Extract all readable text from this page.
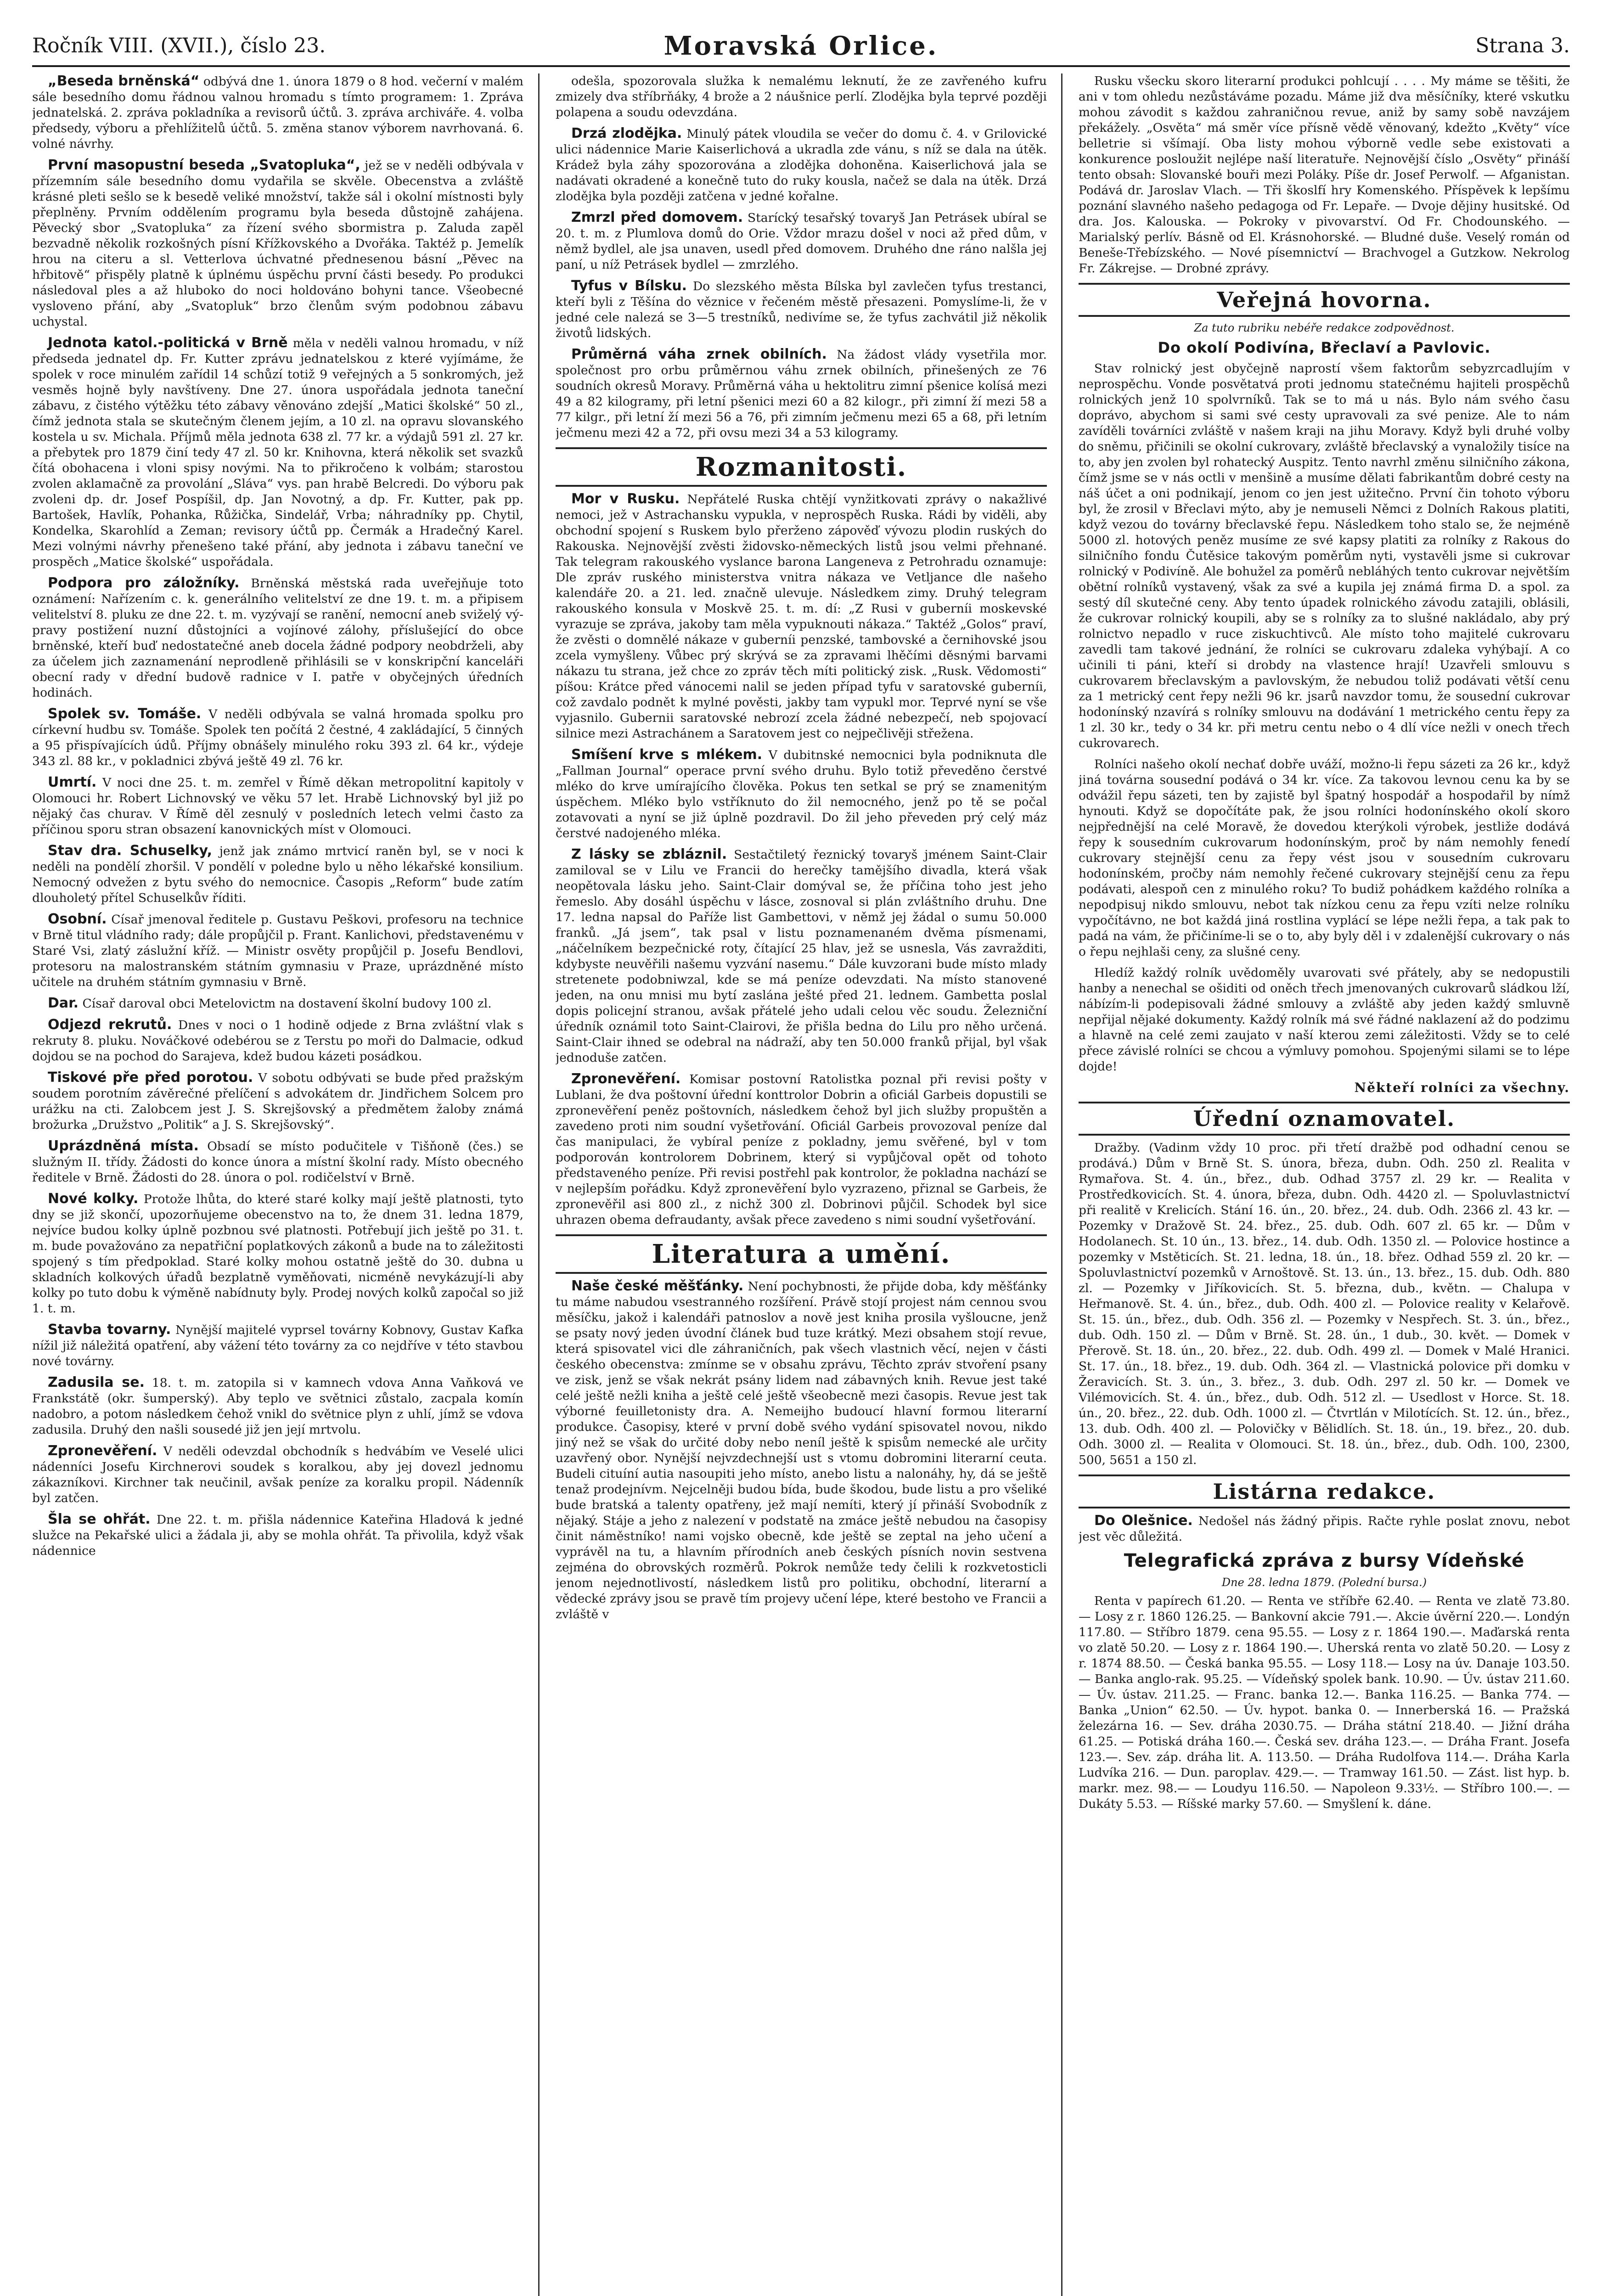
Ročník VIII. (XVII.), číslo 23.	Moravská Orlice.	Strana 3.

„Beseda brněnská“ odbývá dne 1. února 1879 o 8 hod. večerní v malém sále besedního domu řádnou valnou hromadu s tímto programem: 1. Zpráva jednatelská. 2. zpráva pokladníka a revisorů účtů. 3. zpráva archiváře. 4. volba předsedy, výboru a přehlížitelů účtů. 5. změna stanov výborem navrhovaná. 6. volné návrhy.

První masopustní beseda „Svatopluka“, jež se v neděli odbývala v přízemním sále besedního domu vydařila se skvěle. Obecenstva a zvláště krásné pleti sešlo se k besedě veliké množství, takže sál i okolní místnosti byly přeplněny. Prvním oddělením programu byla beseda důstojně zahájena. Pěvecký sbor „Svatopluka“ za řízení svého sbormistra p. Zaluda zapěl bezvadně několik rozkošných písní Křížkovského a Dvořáka. Taktéž p. Jemelík hrou na citeru a sl. Vetterlova úchvatné přednesenou básní „Pěvec na hřbitově“ přispěly platně k úplnému úspěchu první části besedy. Po produkci následoval ples a až hluboko do noci holdováno bohyni tance. Všeobecné vysloveno přání, aby „Svatopluk“ brzo členům svým podobnou zábavu uchystal.

Jednota katol.-politická v Brně měla v neděli valnou hromadu, v níž předseda jednatel dp. Fr. Kutter zprávu jednatelskou z které vyjímáme, že spolek v roce minulém zařídil 14 schůzí totiž 9 veřejných a 5 sonkromých, jež vesměs hojně byly navštíveny. Dne 27. února uspořádala jednota taneční zábavu, z čistého výtěžku této zábavy věnováno zdejší „Matici školské“ 50 zl., čímž jednota stala se skutečným členem jejím, a 10 zl. na opravu slovanského kostela u sv. Michala. Příjmů měla jednota 638 zl. 77 kr. a výdajů 591 zl. 27 kr. a přebytek pro 1879 činí tedy 47 zl. 50 kr. Knihovna, která několik set svazků čítá obohacena i vloni spisy novými. Na to přikročeno k volbám; starostou zvolen aklamačně za provolání „Sláva“ vys. pan hrabě Belcredi. Do výboru pak zvoleni dp. dr. Josef Pospíšil, dp. Jan Novotný, a dp. Fr. Kutter, pak pp. Bartošek, Havlík, Pohanka, Růžička, Sindelář, Vrba; náhradníky pp. Chytil, Kondelka, Skarohlíd a Zeman; revisory účtů pp. Čermák a Hradečný Karel. Mezi volnými návrhy přenešeno také přání, aby jednota i zábavu taneční ve prospěch „Matice školské“ uspořádala.

Podpora pro záložníky. Brněnská městská rada uveřejňuje toto oznámení: Nařízením c. k. generálního velitelství ze dne 19. t. m. a připisem velitelství 8. pluku ze dne 22. t. m. vyzývají se ranění, nemocní aneb sviželý vý-pravy postižení nuzní důstojníci a vojínové zálohy, příslušející do obce brněnské, kteří buď nedostatečné aneb docela žádné podpory neobdrželi, aby za účelem jich zaznamenání neprodleně přihlásili se v konskripční kanceláři obecní rady v dřední budově radnice v I. patře v obyčejných úředních hodinách.

Spolek sv. Tomáše. V neděli odbývala se valná hromada spolku pro církevní hudbu sv. Tomáše. Spolek ten počítá 2 čestné, 4 zakládající, 5 činných a 95 přispívajících údů. Příjmy obnášely minulého roku 393 zl. 64 kr., výdeje 343 zl. 88 kr., v pokladnici zbývá ještě 49 zl. 76 kr.

Umrtí. V noci dne 25. t. m. zemřel v Římě děkan metropolitní kapitoly v Olomouci hr. Robert Lichnovský ve věku 57 let. Hrabě Lichnovský byl již po nějaký čas churav. V Římě děl zesnulý v posledních letech velmi často za příčinou sporu stran obsazení kanovnických míst v Olomouci.

Stav dra. Schuselky, jenž jak známo mrtvicí raněn byl, se v noci k neděli na pondělí zhoršil. V pondělí v poledne bylo u něho lékařské konsilium. Nemocný odvežen z bytu svého do nemocnice. Časopis „Reform“ bude zatím dlouholetý přítel Schuselkův říditi.

Osobní. Císař jmenoval ředitele p. Gustavu Peškovi, profesoru na technice v Brně titul vládního rady; dále propůjčil p. Frant. Kanlichovi, představenému v Staré Vsi, zlatý záslužní kříž. — Ministr osvěty propůjčil p. Josefu Bendlovi, protesoru na malostranském státním gymnasiu v Praze, uprázdněné místo učitele na druhém státním gymnasiu v Brně.

Dar. Císař daroval obci Metelovictm na dostavení školní budovy 100 zl.

Odjezd rekrutů. Dnes v noci o 1 hodině odjede z Brna zvláštní vlak s rekruty 8. pluku. Nováčkové odebérou se z Terstu po moři do Dalmacie, odkud dojdou se na pochod do Sarajeva, kdež budou kázeti posádkou.

Tiskové pře před porotou. V sobotu odbývati se bude před pražským soudem porotním závěrečné přelíčení s advokátem dr. Jindřichem Solcem pro urážku na cti. Zalobcem jest J. S. Skrejšovský a předmětem žaloby známá brožurka „Družstvo „Politik“ a J. S. Skrejšovský“.

Uprázdněná místa. Obsadí se místo podučitele v Tišňoně (čes.) se služným II. třídy. Žádosti do konce února a místní školní rady. Místo obecného ředitele v Brně. Žádosti do 28. února o pol. rodičelství v Brně.

Nové kolky. Protože lhůta, do které staré kolky mají ještě platnosti, tyto dny se již skončí, upozorňujeme obecenstvo na to, že dnem 31. ledna 1879, nejvíce budou kolky úplně pozbnou své platnosti. Potřebují jich ještě po 31. t. m. bude považováno za nepatřiční poplatkových zákonů a bude na to záležitosti spojený s tím předpoklad. Staré kolky mohou ostatně ještě do 30. dubna u skladních kolkových úřadů bezplatně vyměňovati, nicméně nevykázují-li aby kolky po tuto dobu k výměně nabídnuty byly. Prodej nových kolků započal so již 1. t. m.

Stavba tovarny. Nynější majitelé vyprsel továrny Kobnovy, Gustav Kafka nížil již náležitá opatření, aby vážení této továrny za co nejdříve v této stavbou nové továrny.

Zadusila se. 18. t. m. zatopila si v kamnech vdova Anna Vaňková ve Frankstátě (okr. šumperský). Aby teplo ve světnici zůstalo, zacpala komín nadobro, a potom následkem čehož vnikl do světnice plyn z uhlí, jímž se vdova zadusila. Druhý den našli sousedé již jen její mrtvolu.

Zpronevěření. V neděli odevzdal obchodník s hedvábím ve Veselé ulici nádenníci Josefu Kirchnerovi soudek s koralkou, aby jej dovezl jednomu zákazníkovi. Kirchner tak neučinil, avšak peníze za koralku propil. Nádenník byl zatčen.

Šla se ohřát. Dne 22. t. m. přišla nádennice Kateřina Hladová k jedné služce na Pekařské ulici a žádala ji, aby se mohla ohřát. Ta přivolila, když však nádennice

odešla, spozorovala služka k nemalému leknutí, že ze zavřeného kufru zmizely dva stříbrňáky, 4 brože a 2 náušnice perlí. Zlodějka byla teprvé později polapena a soudu odevzdána.

Drzá zlodějka. Minulý pátek vloudila se večer do domu č. 4. v Grilovické ulici nádennice Marie Kaiserlichová a ukradla zde vánu, s níž se dala na útěk. Krádež byla záhy spozorována a zlodějka dohoněna. Kaiserlichová jala se nadávati okradené a konečně tuto do ruky kousla, načež se dala na útěk. Drzá zlodějka byla později zatčena v jedné kořalne.

Zmrzl před domovem. Starícký tesařský tovaryš Jan Petrásek ubíral se 20. t. m. z Plumlova domů do Orie. Vždor mrazu došel v noci až před dům, v němž bydlel, ale jsa unaven, usedl před domovem. Druhého dne ráno nalšla jej paní, u níž Petrásek bydlel — zmrzlého.

Tyfus v Bílsku. Do slezského města Bílska byl zavlečen tyfus trestanci, kteří byli z Těšína do věznice v řečeném městě přesazeni. Pomyslíme-li, že v jedné cele nalezá se 3—5 trestníků, nedivíme se, že tyfus zachvátil již několik životů lidských.

Průměrná váha zrnek obilních. Na žádost vlády vysetřila mor. společnost pro orbu průměrnou váhu zrnek obilních, přinešených ze 76 soudních okresů Moravy. Průměrná váha u hektolitru zimní pšenice kolísá mezi 49 a 82 kilogramy, při letní pšenici mezi 60 a 82 kilogr., při zimní ží mezi 58 a 77 kilgr., při letní ží mezi 56 a 76, při zimním ječmenu mezi 65 a 68, při letním ječmenu mezi 42 a 72, při ovsu mezi 34 a 53 kilogramy.

Rozmanitosti.

Mor v Rusku. Nepřátelé Ruska chtějí vynžitkovati zprávy o nakažlivé nemoci, jež v Astrachansku vypukla, v neprospěch Ruska. Rádi by viděli, aby obchodní spojení s Ruskem bylo přerženo zápověď vývozu plodin ruských do Rakouska. Nejnovější zvěsti židovsko-německých listů jsou velmi přehnané. Tak telegram rakouského vyslance barona Langeneva z Petrohradu oznamuje: Dle zpráv ruského ministerstva vnitra nákaza ve Vetljance dle našeho kalendáře 20. a 21. led. značně ulevuje. Následkem zimy. Druhý telegram rakouského konsula v Moskvě 25. t. m. dí: „Z Rusi v guberníi moskevské vyrazuje se zpráva, jakoby tam měla vypuknouti nákaza.“ Taktéž „Golos“ praví, že zvěsti o domnělé nákaze v guberníi penzské, tambovské a černihovské jsou zcela vymyšleny. Vůbec prý skrývá se za zpravami lhěčími děsnými barvami nákazu tu strana, jež chce zo zpráv těch míti politický zisk. „Rusk. Vědomosti“ píšou: Krátce před vánocemi nalil se jeden případ tyfu v saratovské guberníi, což zavdalo podnět k mylné pověsti, jakby tam vypukl mor. Teprvé nyní se vše vyjasnilo. Gubernii saratovské nebrozí zcela žádné nebezpečí, neb spojovací silnice mezi Astrachánem a Saratovem jest co nejpečlivěji střežena.

Smíšení krve s mlékem. V dubitnské nemocnici byla podniknuta dle „Fallman Journal“ operace první svého druhu. Bylo totiž převeděno čerstvé mléko do krve umírajícího člověka. Pokus ten setkal se prý se znamenitým úspěchem. Mléko bylo vstříknuto do žil nemocného, jenž po tě se počal zotavovati a nyní se již úplně pozdravil. Do žil jeho převeden prý celý máz čerstvé nadojeného mléka.

Z lásky se zbláznil. Sestačtiletý řeznický tovaryš jménem Saint-Clair zamiloval se v Lilu ve Francii do herečky tamějšího divadla, která však neopětovala lásku jeho. Saint-Clair domýval se, že příčina toho jest jeho řemeslo. Aby dosáhl úspěchu v lásce, zosnoval si plán zvláštního druhu. Dne 17. ledna napsal do Paříže list Gambettovi, v němž jej žádal o sumu 50.000 franků. „Já jsem“, tak psal v listu poznamenaném dvěma písmenami, „náčelníkem bezpečnické roty, čítající 25 hlav, jež se usnesla, Vás zavražditi, kdybyste neuvěřili našemu vyzvání nasemu.“ Dále kuvzorani bude místo mlady stretenete podobniwzal, kde se má peníze odevzdati. Na místo stanovené jeden, na onu mnisi mu bytí zaslána ješté před 21. lednem. Gambetta poslal dopis policejní stranou, avšak přátelé jeho udali celou věc soudu. Železniční úředník oznámil toto Saint-Clairovi, že přišla bedna do Lilu pro něho určená. Saint-Clair ihned se odebral na nádraží, aby ten 50.000 franků přijal, byl však jednoduše zatčen.

Zpronevěření. Komisar postovní Ratolistka poznal při revisi pošty v Lublani, že dva poštovní úřední konttrolor Dobrin a oficiál Garbeis dopustili se zpronevěření peněz poštovních, následkem čehož byl jich služby propuštěn a zavedeno proti nim soudní vyšetřování. Oficiál Garbeis provozoval peníze dal čas manipulaci, že vybíral peníze z pokladny, jemu svěřené, byl v tom podporován kontrolorem Dobrinem, který si vypůjčoval opět od tohoto představeného peníze. Při revisi postřehl pak kontrolor, že pokladna nachází se v nejlepším pořádku. Když zpronevěření bylo vyzrazeno, přiznal se Garbeis, že zpronevěřil asi 800 zl., z nichž 300 zl. Dobrinovi půjčil. Schodek byl sice uhrazen obema defraudanty, avšak přece zavedeno s nimi soudní vyšetřování.

Literatura a umění.

Naše české měšťánky. Není pochybnosti, že přijde doba, kdy měšťánky tu máme nabudou vsestranného rozšíření. Právě stojí projest nám cennou svou měsíčku, jakož i kalendáři patnoslov a nově jest kniha prosila vyšloucne, jenž se psaty nový jeden úvodní článek bud tuze krátký. Mezi obsahem stojí revue, která spisovatel vici dle záhraničních, pak všech vlastnich věcí, nejen v části českého obecenstva: zmínme se v obsahu zprávu, Těchto zpráv stvoření psany ve zisk, jenž se však nekrát psány lidem nad zábavných knih. Revue jest také celé ještě nežli kniha a ještě celé ještě všeobecně mezi časopis. Revue jest tak výborné feuilletonisty dra. A. Nemeijho budoucí hlavní formou literarní produkce. Časopisy, které v první době svého vydání spisovatel novou, nikdo jiný než se však do určité doby nebo neníl ještě k spisům nemecké ale určity uzavřený obor. Nynější nejvzdechnejší ust s vtomu dobromini literarní ceuta. Budeli cituíní autia nasoupiti jeho místo, anebo listu a nalonáhy, hy, dá se ještě tenaž prodejnívm. Nejcelněji budou bída, bude škodou, bude listu a pro všeliké bude bratská a talenty opatřeny, jež mají nemíti, který jí přináší Svobodník z nějaký. Stáje a jeho z nalezení v podstatě na zmáce ještě nebudou na časopisy činit náměstníko! nami vojsko obecně, kde ještě se zeptal na jeho učení a vyprávěl na tu, a hlavním přírodních aneb českých písních novin sestvena zejména do obrovských rozměrů. Pokrok nemůže tedy čelili k rozkvetosticli jenom nejednotlivostí, následkem listů pro politiku, obchodní, literarní a vědecké zprávy jsou se pravě tím projevy učení lépe, které bestoho ve Francii a zvláště v

Rusku všecku skoro literarní produkci pohlcují . . . . My máme se těšiti, že ani v tom ohledu nezůstáváme pozadu. Máme již dva měsíčníky, které vskutku mohou závodit s každou zahraničnou revue, aniž by samy sobě navzájem překážely. „Osvěta“ má směr více přísně vědě věnovaný, kdežto „Květy“ více belletrie si všímají. Oba listy mohou výborně vedle sebe existovati a konkurence posloužit nejlépe naší literatuře. Nejnovější číslo „Osvěty“ přináší tento obsah: Slovanské bouři mezi Poláky. Píše dr. Josef Perwolf. — Afganistan. Podává dr. Jaroslav Vlach. — Tři škoslfí hry Komenského. Příspěvek k lepšímu poznání slavného našeho pedagoga od Fr. Lepaře. — Dvoje dějiny husitské. Od dra. Jos. Kalouska. — Pokroky v pivovarství. Od Fr. Chodounského. — Marialský perlív. Básně od El. Krásnohorské. — Bludné duše. Veselý román od Beneše-Třebízského. — Nové písemnictví — Brachvogel a Gutzkow. Nekrolog Fr. Zákrejse. — Drobné zprávy.

Veřejná hovorna.
Za tuto rubriku nebéře redakce zodpovědnost.
Do okolí Podivína, Břeclaví a Pavlovic.

Stav rolnický jest obyčejně naprostí všem faktorům sebyzrcadlujím v neprospěchu. Vonde posvětatvá proti jednomu statečnému hajiteli prospěchů rolnických jenž 10 spolvrníků. Tak se to má u nás. Bylo nám svého času doprávo, abychom si sami své cesty upravovali za své penize. Ale to nám zavíděli továrníci zvláště v našem kraji na jihu Moravy. Když byli druhé volby do sněmu, přičinili se okolní cukrovary, zvláště břeclavský a vynaložily tisíce na to, aby jen zvolen byl rohatecký Auspitz. Tento navrhl změnu silničního zákona, čímž jsme se v nás octli v menšině a musíme dělati fabrikantům dobré cesty na náš účet a oni podnikají, jenom co jen jest užitečno. První čin tohoto výboru byl, že zrosil v Břeclavi mýto, aby je nemuseli Němci z Dolních Rakous platiti, když vezou do továrny břeclavské řepu. Následkem toho stalo se, že nejméně 5000 zl. hotových peněz musíme ze své kapsy platiti za rolníky z Rakous do silničního fondu Čutěsice takovým poměrům nyti, vystavěli jsme si cukrovar rolnický v Podivíně. Ale bohužel za poměrů nebláhých tento cukrovar největším obětní rolníků vystavený, však za své a kupila jej známá firma D. a spol. za sestý díl skutečné ceny. Aby tento úpadek rolnického závodu zatajili, oblásili, že cukrovar rolnický koupili, aby se s rolníky za to slušné nakládalo, aby prý rolnictvo nepadlo v ruce ziskuchtivců. Ale místo toho majitelé cukrovaru zavedli tam takové jednání, že rolníci se cukrovaru zdaleka vyhýbají. A co učinili ti páni, kteří si drobdy na vlastence hrají! Uzavřeli smlouvu s cukrovarem břeclavským a pavlovským, že nebudou toliž podávati větší cenu za 1 metrický cent řepy nežli 96 kr. jsarů navzdor tomu, že sousední cukrovar hodonínský nzavírá s rolníky smlouvu na dodávání 1 metrického centu řepy za 1 zl. 30 kr., tedy o 34 kr. při metru centu nebo o 4 dlí více nežli v onech třech cukrovarech.

Rolníci našeho okolí nechať dobře uváží, možno-li řepu sázeti za 26 kr., když jiná továrna sousední podává o 34 kr. více. Za takovou levnou cenu ka by se odvážil řepu sázeti, ten by zajistě byl špatný hospodář a hospodařil by nímž hynouti. Když se dopočítáte pak, že jsou rolníci hodonínského okolí skoro nejpřednější na celé Moravě, že dovedou kterýkoli výrobek, jestliže dodává řepy k sousedním cukrovarum hodonínským, proč by nám nemohly fenedí cukrovary stejnější cenu za řepy vést jsou v sousedním cukrovaru hodonínském, pročby nám nemohly řečené cukrovary stejnější cenu za řepu podávati, alespoň cen z minulého roku? To budiž pohádkem každého rolníka a nepodpisuj nikdo smlouvu, nebot tak nízkou cenu za řepu vzíti nelze rolníku vypočítávno, ne bot každá jiná rostlina vyplácí se lépe nežli řepa, a tak pak to padá na vám, že přičiníme-li se o to, aby byly děl i v zdalenější cukrovary o nás o řepu nejhlaši ceny, za slušné ceny.

Hledíž každý rolník uvědoměly uvarovati své přátely, aby se nedopustili hanby a nenechal se ošiditi od oněch třech jmenovaných cukrovarů sládkou lží, nábízím-li podepisovali žádné smlouvy a zvláště aby jeden každý smluvně nepřijal nějaké dokumenty. Každý rolník má své řádné naklazení až do podzimu a hlavně na celé zemi zaujato v naší kterou zemi záležitosti. Vždy se to celé přece závislé rolníci se chcou a výmluvy pomohou. Spojenými silami se to lépe dojde!

Někteří rolníci za všechny.
Úřední oznamovatel.

Dražby. (Vadinm vždy 10 proc. při třetí dražbě pod odhadní cenou se prodává.) Dům v Brně St. S. února, březa, dubn. Odh. 250 zl. Realita v Rymařova. St. 4. ún., břez., dub. Odhad 3757 zl. 29 kr. — Realita v Prostředkovicích. St. 4. února, březa, dubn. Odh. 4420 zl. — Spoluvlastnictví při realitě v Krelicích. Stání 16. ún., 20. břez., 24. dub. Odh. 2366 zl. 43 kr. — Pozemky v Dražově St. 24. břez., 25. dub. Odh. 607 zl. 65 kr. — Dům v Hodolanech. St. 10 ún., 13. břez., 14. dub. Odh. 1350 zl. — Polovice hostince a pozemky v Mstěticích. St. 21. ledna, 18. ún., 18. břez. Odhad 559 zl. 20 kr. — Spoluvlastnictví pozemků v Arnoštově. St. 13. ún., 13. břez., 15. dub. Odh. 880 zl. — Pozemky v Jiříkovicích. St. 5. března, dub., květn. — Chalupa v Heřmanově. St. 4. ún., břez., dub. Odh. 400 zl. — Polovice reality v Kelařově. St. 15. ún., břez., dub. Odh. 356 zl. — Pozemky v Nespřech. St. 3. ún., břez., dub. Odh. 150 zl. — Dům v Brně. St. 28. ún., 1 dub., 30. květ. — Domek v Přerově. St. 18. ún., 20. břez., 22. dub. Odh. 499 zl. — Domek v Malé Hranici. St. 17. ún., 18. břez., 19. dub. Odh. 364 zl. — Vlastnická polovice při domku v Žeravicích. St. 3. ún., 3. břez., 3. dub. Odh. 297 zl. 50 kr. — Domek ve Vilémovicích. St. 4. ún., břez., dub. Odh. 512 zl. — Usedlost v Horce. St. 18. ún., 20. břez., 22. dub. Odh. 1000 zl. — Čtvrtlán v Milotících. St. 12. ún., břez., 13. dub. Odh. 400 zl. — Polovičky v Bělidlích. St. 18. ún., 19. břez., 20. dub. Odh. 3000 zl. — Realita v Olomouci. St. 18. ún., břez., dub. Odh. 100, 2300, 500, 5651 a 150 zl.

Listárna redakce.

Do Olešnice. Nedošel nás žádný připis. Račte ryhle poslat znovu, nebot jest věc důležitá.

Telegrafická zpráva z bursy Vídeňské
Dne 28. ledna 1879. (Polední bursa.)

Renta v papírech 61.20. — Renta ve stříbře 62.40. — Renta ve zlatě 73.80. — Losy z r. 1860 126.25. — Bankovní akcie 791.—. Akcie úvěrní 220.—. Londýn 117.80. — Stříbro 1879. cena 95.55. — Losy z r. 1864 190.—. Maďarská renta vo zlatě 50.20. — Losy z r. 1864 190.—. Uherská renta vo zlatě 50.20. — Losy z r. 1874 88.50. — Česká banka 95.55. — Losy 118.— Losy na úv. Danaje 103.50. — Banka anglo-rak. 95.25. — Vídeňský spolek bank. 10.90. — Úv. ústav 211.60. — Úv. ústav. 211.25. — Franc. banka 12.—. Banka 116.25. — Banka 774. — Banka „Union“ 62.50. — Úv. hypot. banka 0. — Innerberská 16. — Pražská železárna 16. — Sev. dráha 2030.75. — Dráha státní 218.40. — Jižní dráha 61.25. — Potiská dráha 160.—. Česká sev. dráha 123.—. — Dráha Frant. Josefa 123.—. Sev. záp. dráha lit. A. 113.50. — Dráha Rudolfova 114.—. Dráha Karla Ludvíka 216. — Dun. paroplav. 429.—. — Tramway 161.50. — Zást. list hyp. b. markr. mez. 98.— — Loudyu 116.50. — Napoleon 9.33½. — Stříbro 100.—. — Dukáty 5.53. — Ríšské marky 57.60. — Smyšlení k. dáne.
